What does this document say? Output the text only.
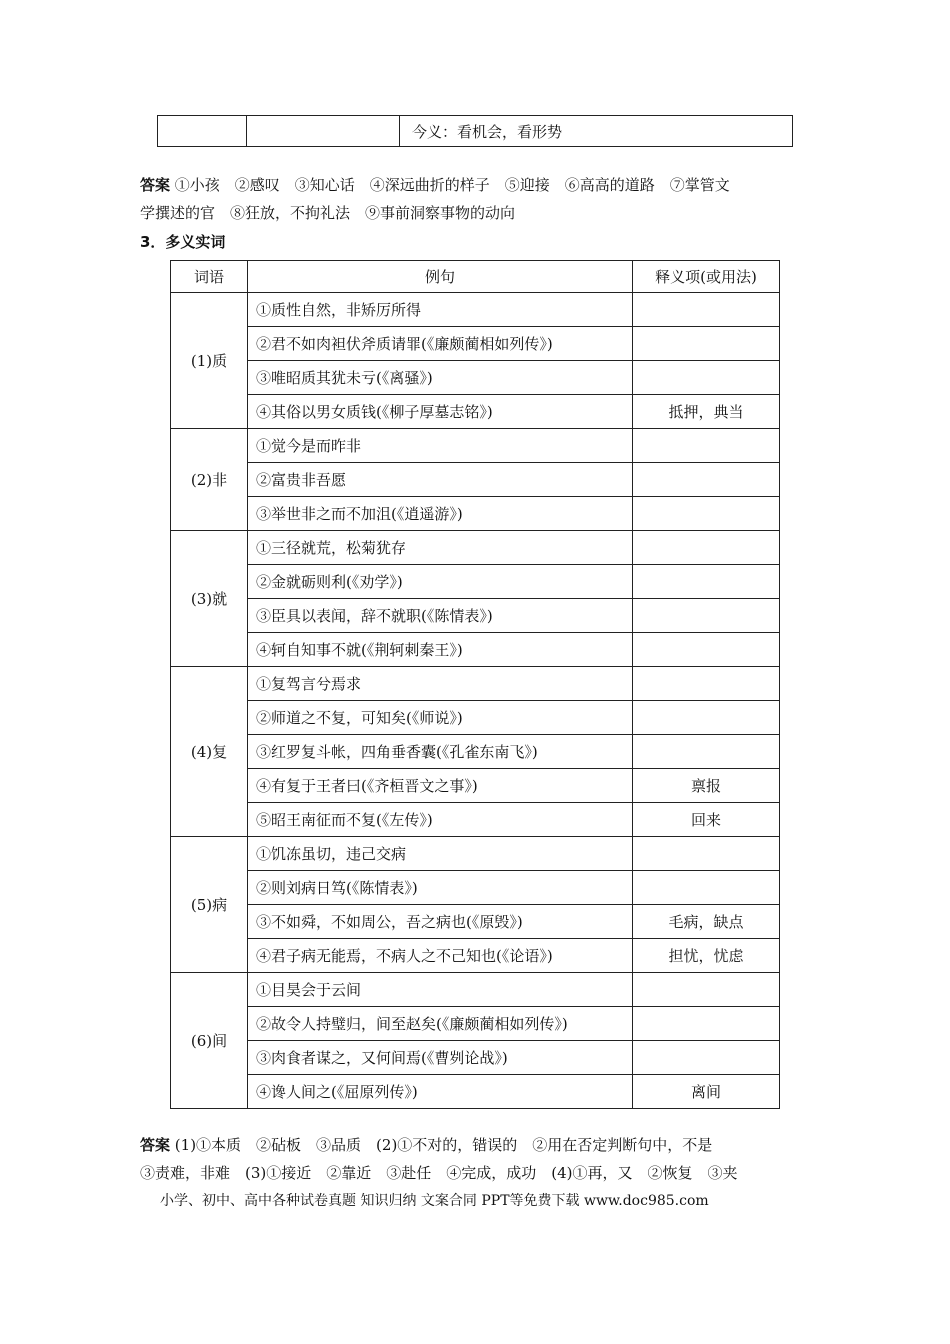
		今义：看机会，看形势
答案 ①小孩　②感叹　③知心话　④深远曲折的样子　⑤迎接　⑥高高的道路　⑦掌管文
学撰述的官　⑧狂放，不拘礼法　⑨事前洞察事物的动向
3．多义实词
词语	例句	释义项(或用法)
(1)质	①质性自然，非矫厉所得	
	②君不如肉袒伏斧质请罪(《廉颇蔺相如列传》)	
	③唯昭质其犹未亏(《离骚》)	
	④其俗以男女质钱(《柳子厚墓志铭》)	抵押，典当
(2)非	①觉今是而昨非	
	②富贵非吾愿	
	③举世非之而不加沮(《逍遥游》)	
(3)就	①三径就荒，松菊犹存	
	②金就砺则利(《劝学》)	
	③臣具以表闻，辞不就职(《陈情表》)	
	④轲自知事不就(《荆轲刺秦王》)	
(4)复	①复驾言兮焉求	
	②师道之不复，可知矣(《师说》)	
	③红罗复斗帐，四角垂香囊(《孔雀东南飞》)	
	④有复于王者曰(《齐桓晋文之事》)	禀报
	⑤昭王南征而不复(《左传》)	回来
(5)病	①饥冻虽切，违己交病	
	②则刘病日笃(《陈情表》)	
	③不如舜，不如周公，吾之病也(《原毁》)	毛病，缺点
	④君子病无能焉，不病人之不己知也(《论语》)	担忧，忧虑
(6)间	①目昊会于云间	
	②故令人持璧归，间至赵矣(《廉颇蔺相如列传》)	
	③肉食者谋之，又何间焉(《曹刿论战》)	
	④谗人间之(《屈原列传》)	离间
答案 (1)①本质　②砧板　③品质　(2)①不对的，错误的　②用在否定判断句中，不是
③责难，非难　(3)①接近　②靠近　③赴任　④完成，成功　(4)①再，又　②恢复　③夹
小学、初中、高中各种试卷真题 知识归纳 文案合同 PPT等免费下载 www.doc985.com
